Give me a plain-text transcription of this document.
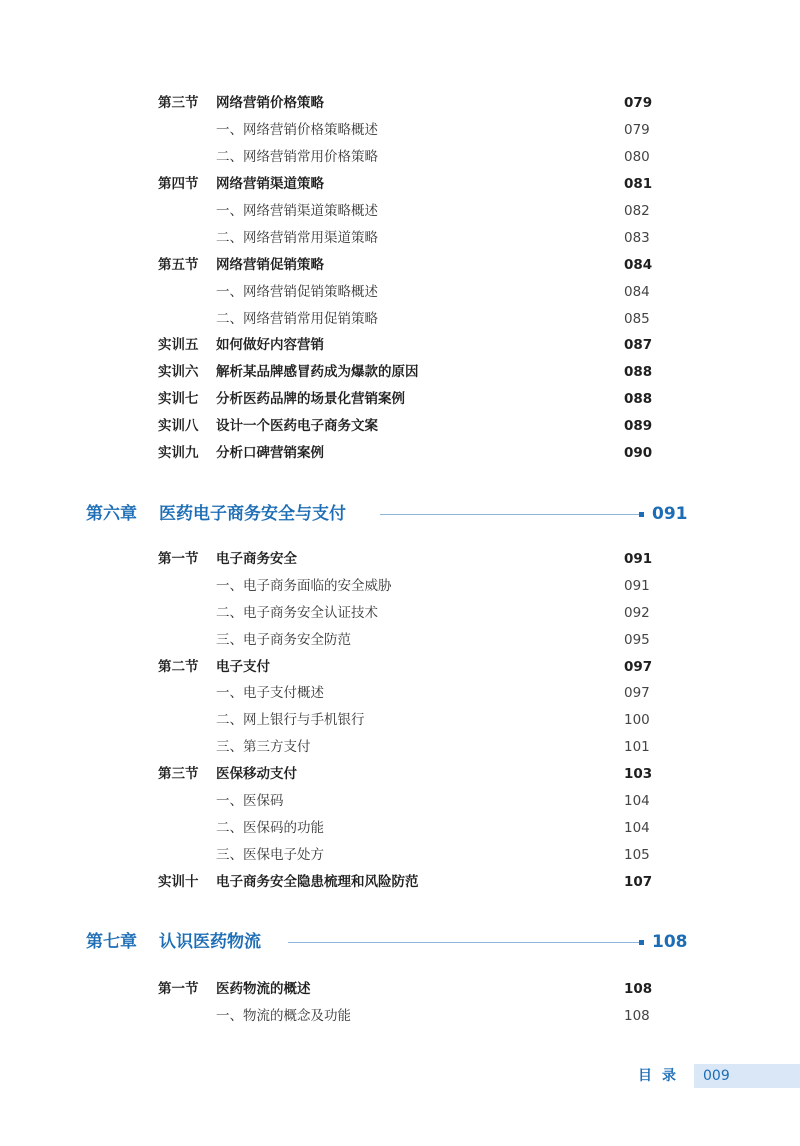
第三节 网络营销价格策略	079
一、网络营销价格策略概述	079
二、网络营销常用价格策略	080
第四节 网络营销渠道策略	081
一、网络营销渠道策略概述	082
二、网络营销常用渠道策略	083
第五节 网络营销促销策略	084
一、网络营销促销策略概述	084
二、网络营销常用促销策略	085
实训五 如何做好内容营销	087
实训六 解析某品牌感冒药成为爆款的原因	088
实训七 分析医药品牌的场景化营销案例	088
实训八 设计一个医药电子商务文案	089
实训九 分析口碑营销案例	090
第六章 医药电子商务安全与支付	091
第一节 电子商务安全	091
一、电子商务面临的安全威胁	091
二、电子商务安全认证技术	092
三、电子商务安全防范	095
第二节 电子支付	097
一、电子支付概述	097
二、网上银行与手机银行	100
三、第三方支付	101
第三节 医保移动支付	103
一、医保码	104
二、医保码的功能	104
三、医保电子处方	105
实训十 电子商务安全隐患梳理和风险防范	107
第七章 认识医药物流	108
第一节 医药物流的概述	108
一、物流的概念及功能	108
目录 009
